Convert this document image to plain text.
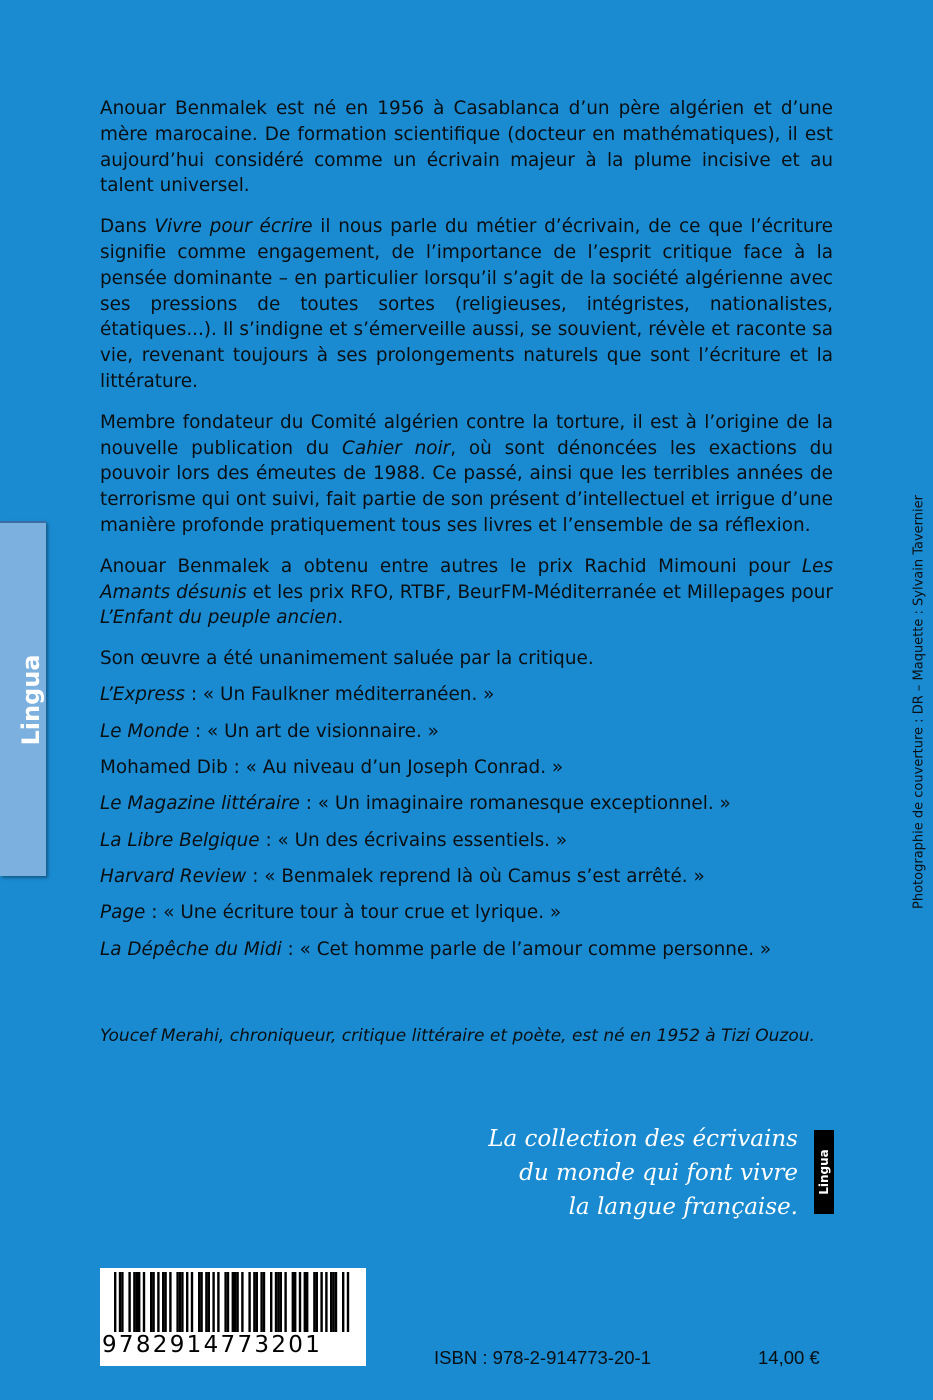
Lingua

Anouar Benmalek est né en 1956 à Casablanca d’un père algérien et d’une mère marocaine. De formation scientifique (docteur en mathématiques), il est aujourd’hui considéré comme un écrivain majeur à la plume incisive et au talent universel.

Dans Vivre pour écrire il nous parle du métier d’écrivain, de ce que l’écriture signifie comme engagement, de l’importance de l’esprit critique face à la pensée dominante – en particulier lorsqu’il s’agit de la société algérienne avec ses pressions de toutes sortes (religieuses, intégristes, nationalistes, étatiques...). Il s’indigne et s’émerveille aussi, se souvient, révèle et raconte sa vie, revenant toujours à ses prolongements naturels que sont l’écriture et la littérature.

Membre fondateur du Comité algérien contre la torture, il est à l’origine de la nouvelle publication du Cahier noir, où sont dénoncées les exactions du pouvoir lors des émeutes de 1988. Ce passé, ainsi que les terribles années de terrorisme qui ont suivi, fait partie de son présent d’intellectuel et irrigue d’une manière profonde pratiquement tous ses livres et l’ensemble de sa réflexion.

Anouar Benmalek a obtenu entre autres le prix Rachid Mimouni pour Les Amants désunis et les prix RFO, RTBF, BeurFM-Méditerranée et Millepages pour L’Enfant du peuple ancien.

Son œuvre a été unanimement saluée par la critique.

L’Express : « Un Faulkner méditerranéen. »
Le Monde : « Un art de visionnaire. »
Mohamed Dib : « Au niveau d’un Joseph Conrad. »
Le Magazine littéraire : « Un imaginaire romanesque exceptionnel. »
La Libre Belgique : « Un des écrivains essentiels. »
Harvard Review : « Benmalek reprend là où Camus s’est arrêté. »
Page : « Une écriture tour à tour crue et lyrique. »
La Dépêche du Midi : « Cet homme parle de l’amour comme personne. »
Youcef Merahi, chroniqueur, critique littéraire et poète, est né en 1952 à Tizi Ouzou.
Photographie de couverture : DR – Maquette : Sylvain Tavernier
La collection des écrivains
du monde qui font vivre
la langue française.
Lingua
9782914773201	ISBN : 978-2-914773-20-1	14,00 €
